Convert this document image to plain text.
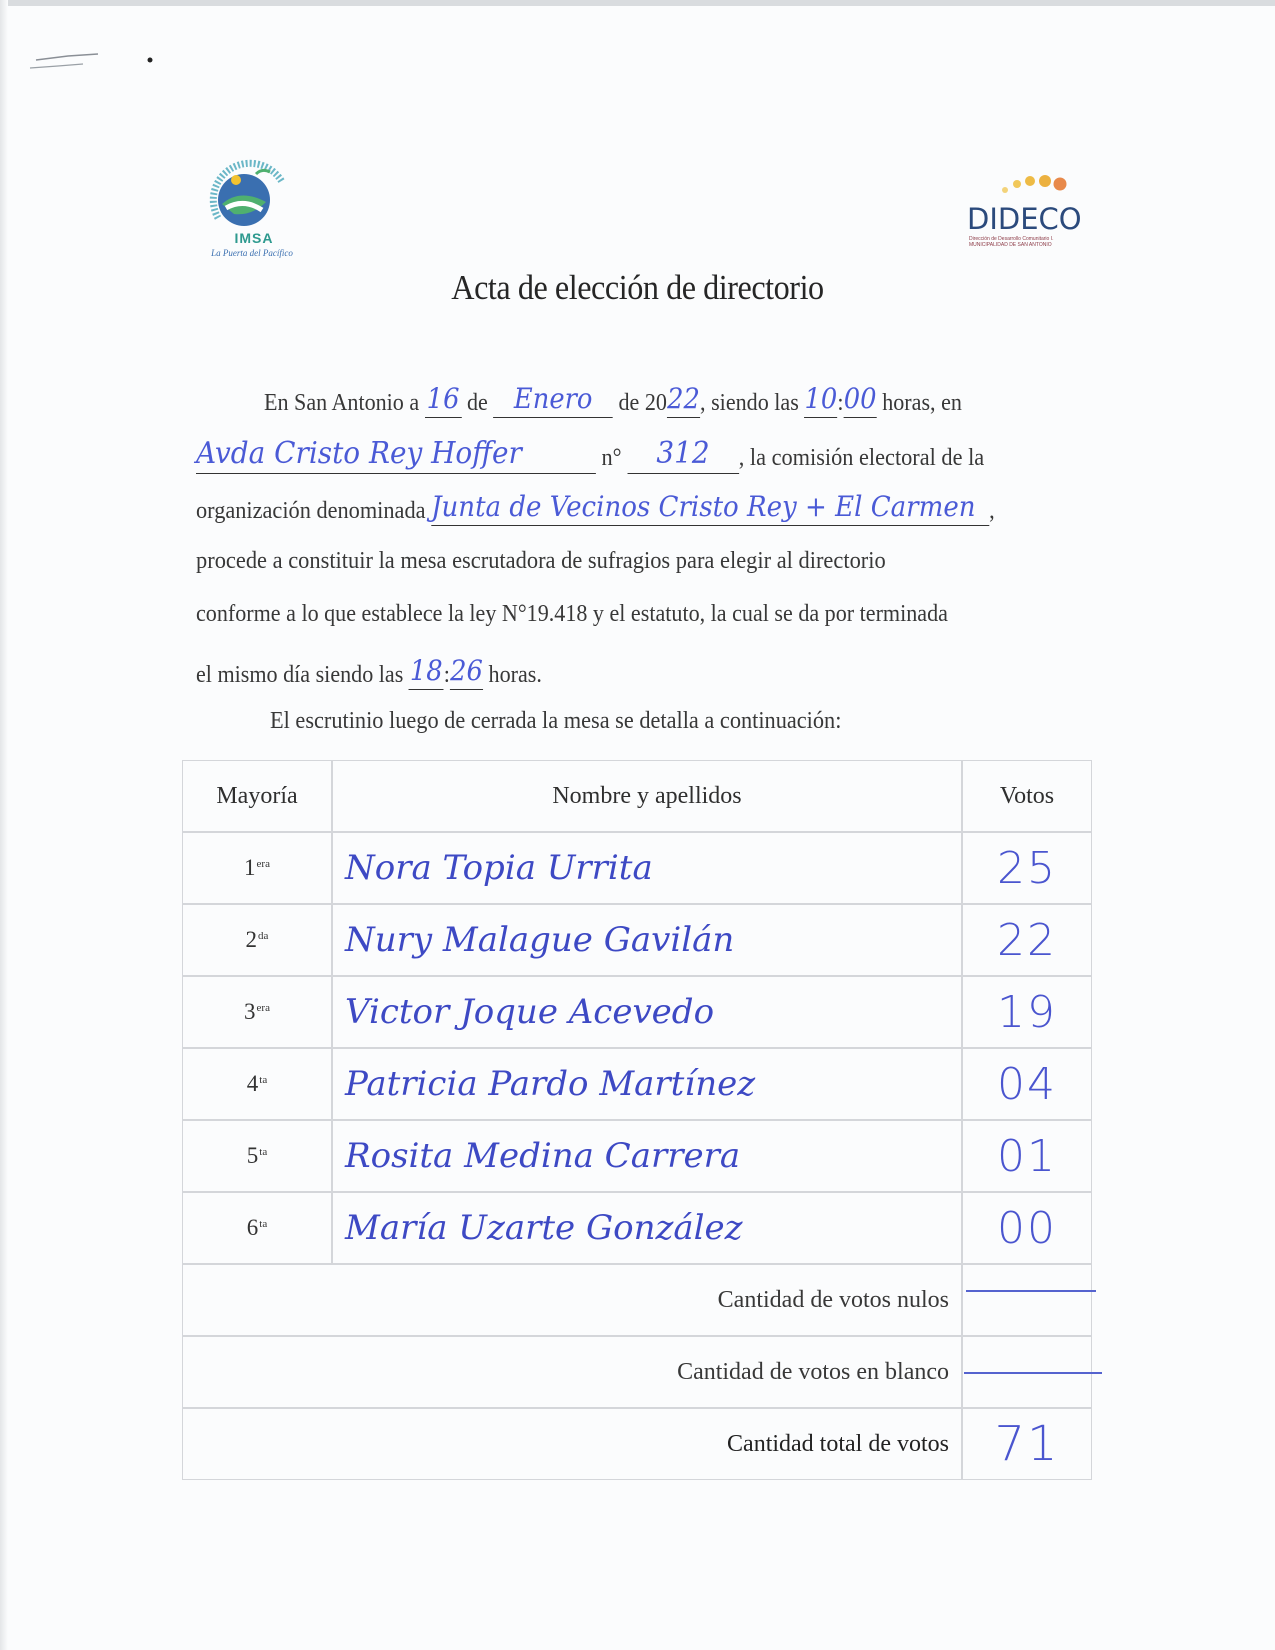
IMSA
La Puerta del Pacífico
DIDECO
Dirección de Desarrollo Comunitario I. MUNICIPALIDAD DE SAN ANTONIO
Acta de elección de directorio
En San Antonio a 16 de Enero de 2022, siendo las 10:00 horas, en
Avda Cristo Rey Hoffer	n° 312 , la comisión electoral de la
organización denominada Junta de Vecinos Cristo Rey + El Carmen ,
procede a constituir la mesa escrutadora de sufragios para elegir al directorio
conforme a lo que establece la ley N°19.418 y el estatuto, la cual se da por terminada
el mismo día siendo las 18:26 horas.
El escrutinio luego de cerrada la mesa se detalla a continuación:
Mayoría	Nombre y apellidos	Votos
$1^{era}$	Nora Topia Urrita	25
$2^{da}$	Nury Malague Gavilán	22
$3^{era}$	Victor Joque Acevedo	19
$4^{ta}$	Patricia Pardo Martínez	04
$5^{ta}$	Rosita Medina Carrera	01
$6^{ta}$	María Uzarte González	00
Cantidad de votos nulos
Cantidad de votos en blanco
Cantidad total de votos 71
